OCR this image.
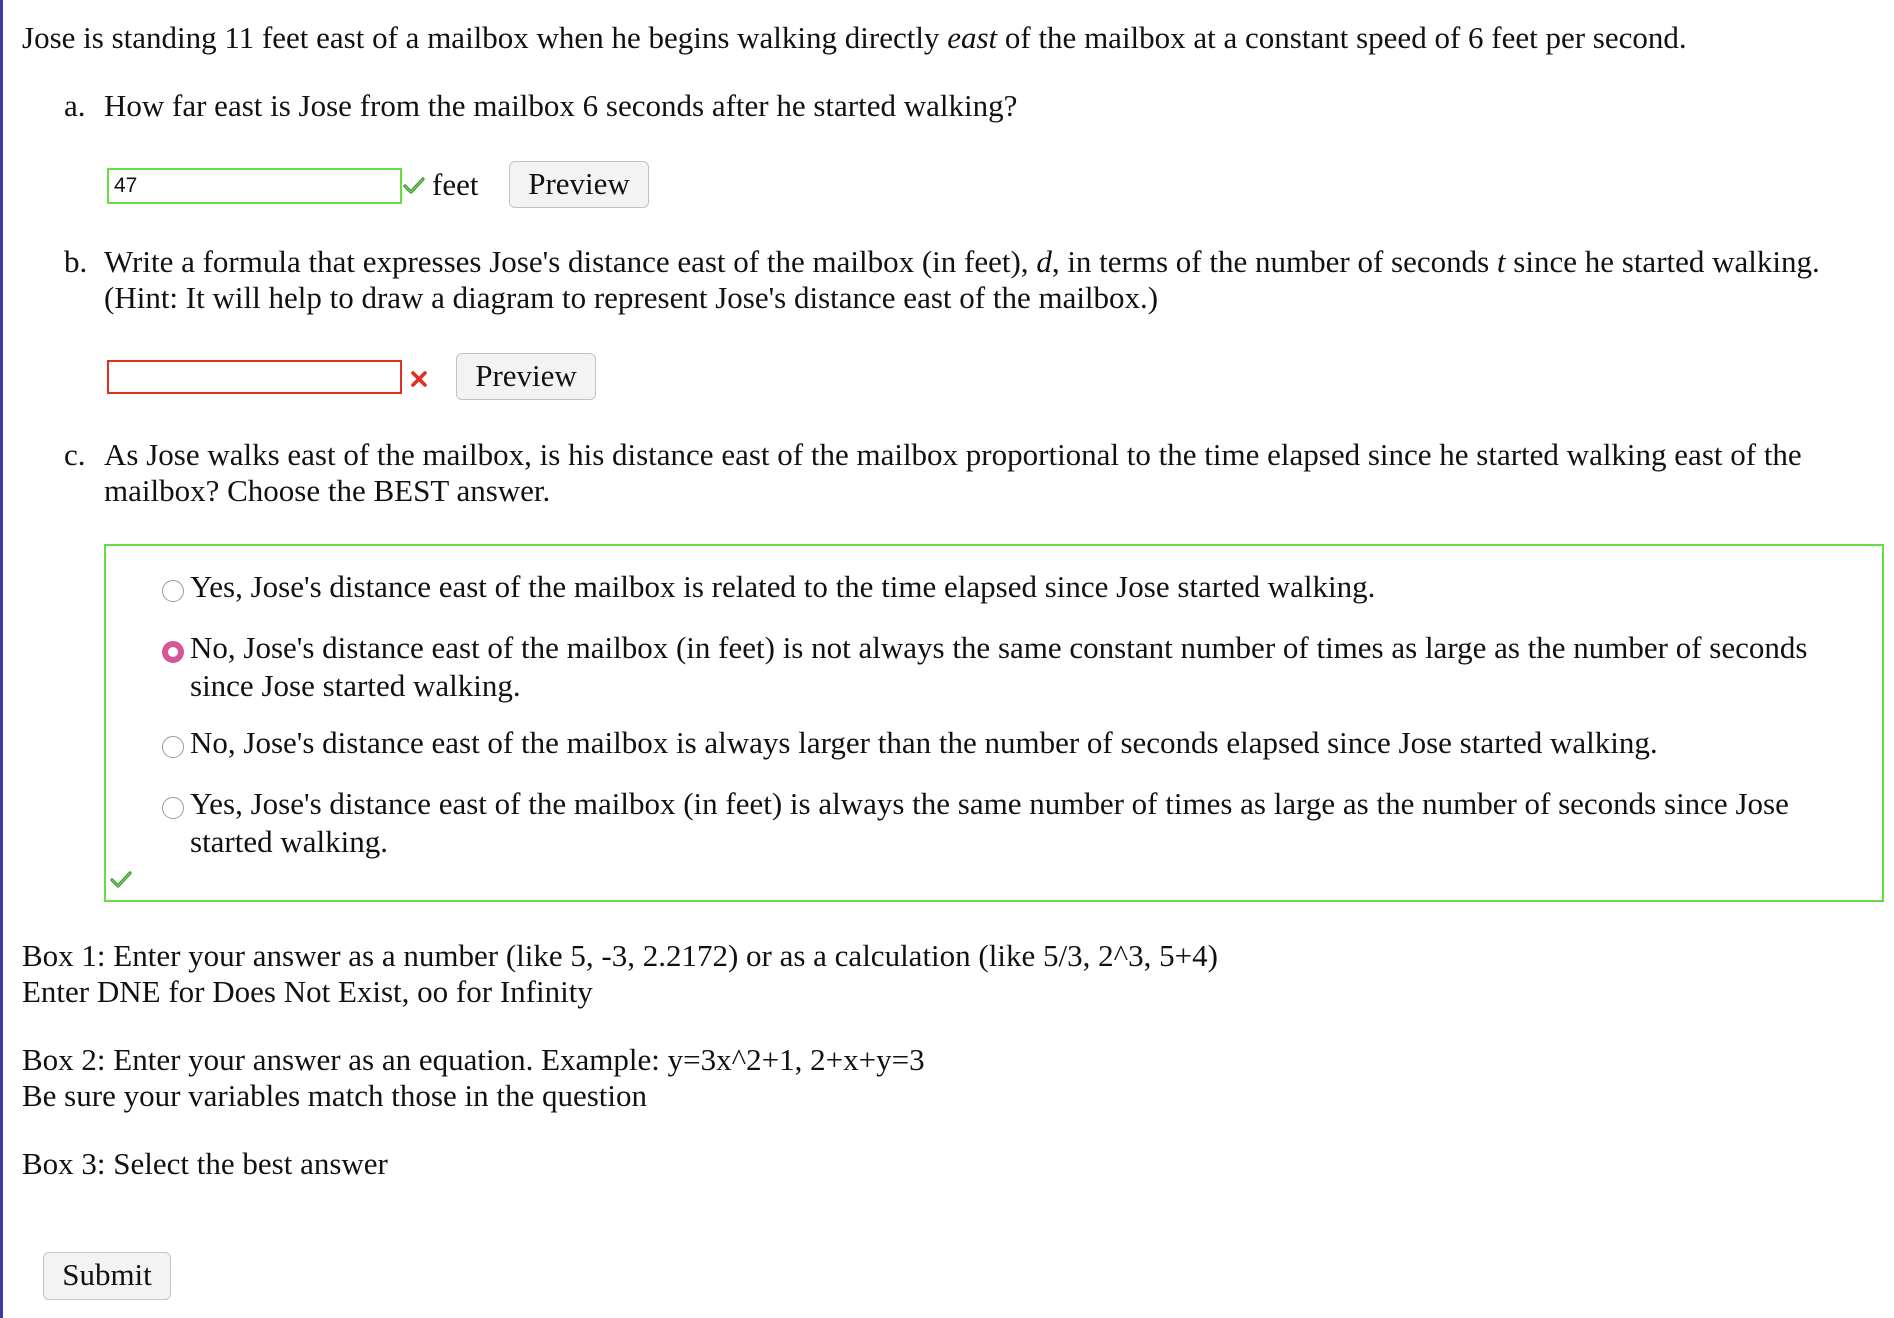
Jose is standing 11 feet east of a mailbox when he begins walking directly east of the mailbox at a constant speed of 6 feet per second.
a. How far east is Jose from the mailbox 6 seconds after he started walking?
47
feet	Preview
b. Write a formula that expresses Jose's distance east of the mailbox (in feet), d, in terms of the number of seconds t since he started walking.
(Hint: It will help to draw a diagram to represent Jose's distance east of the mailbox.)
Preview
c. As Jose walks east of the mailbox, is his distance east of the mailbox proportional to the time elapsed since he started walking east of the
mailbox? Choose the BEST answer.
Yes, Jose's distance east of the mailbox is related to the time elapsed since Jose started walking.
No, Jose's distance east of the mailbox (in feet) is not always the same constant number of times as large as the number of seconds
since Jose started walking.
No, Jose's distance east of the mailbox is always larger than the number of seconds elapsed since Jose started walking.
Yes, Jose's distance east of the mailbox (in feet) is always the same number of times as large as the number of seconds since Jose
started walking.
Box 1: Enter your answer as a number (like 5, -3, 2.2172) or as a calculation (like 5/3, 2^3, 5+4)
Enter DNE for Does Not Exist, oo for Infinity
Box 2: Enter your answer as an equation. Example: y=3x^2+1, 2+x+y=3
Be sure your variables match those in the question
Box 3: Select the best answer
Submit
